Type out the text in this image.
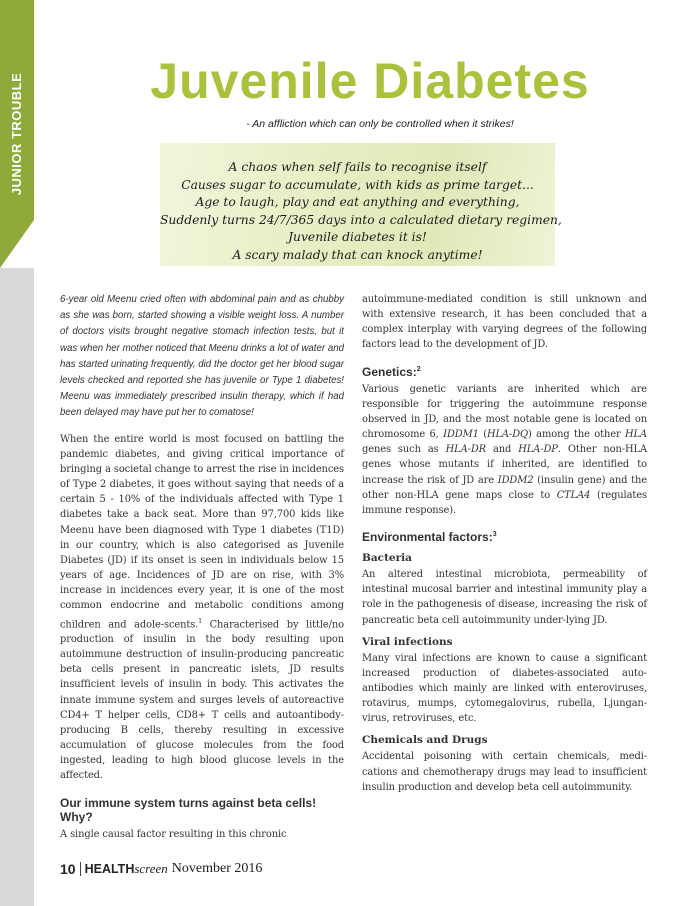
JUNIOR TROUBLE	Juvenile Diabetes
- An affliction which can only be controlled when it strikes!
A chaos when self fails to recognise itself
Causes sugar to accumulate, with kids as prime target...
Age to laugh, play and eat anything and everything,
Suddenly turns 24/7/365 days into a calculated dietary regimen,
Juvenile diabetes it is!
A scary malady that can knock anytime!

6-year old Meenu cried often with abdominal pain and as chubby as she was born, started showing a visible weight loss. A number of doctors visits brought negative stomach infection tests, but it was when her mother noticed that Meenu drinks a lot of water and has started urinating frequently, did the doctor get her blood sugar levels checked and reported she has juvenile or Type 1 diabetes! Meenu was immediately prescribed insulin therapy, which if had been delayed may have put her to comatose!

When the entire world is most focused on battling the pandemic diabetes, and giving critical importance of bringing a societal change to arrest the rise in incidences of Type 2 diabetes, it goes without saying that needs of a certain 5 - 10% of the individuals affected with Type 1 diabetes take a back seat. More than 97,700 kids like Meenu have been diagnosed with Type 1 diabetes (T1D) in our country, which is also categorised as Juvenile Diabetes (JD) if its onset is seen in individuals below 15 years of age. Incidences of JD are on rise, with 3% increase in incidences every year, it is one of the most common endocrine and metabolic conditions among children and adole-scents.$^1$ Characterised by little/no production of insulin in the body resulting upon autoimmune destruction of insulin-producing pancreatic beta cells present in pancreatic islets, JD results insufficient levels of insulin in body. This activates the innate immune system and surges levels of autoreactive CD4+ T helper cells, CD8+ T cells and autoantibody-producing B cells, thereby resulting in excessive accumulation of glucose molecules from the food ingested, leading to high blood glucose levels in the affected.

Our immune system turns against beta cells! Why?

A single causal factor resulting in this chronic

autoimmune-mediated condition is still unknown and with extensive research, it has been concluded that a complex interplay with varying degrees of the following factors lead to the development of JD.

Genetics:$^2$

Various genetic variants are inherited which are responsible for triggering the autoimmune response observed in JD, and the most notable gene is located on chromosome 6, IDDM1 (HLA-DQ) among the other HLA genes such as HLA-DR and HLA-DP. Other non-HLA genes whose mutants if inherited, are identified to increase the risk of JD are IDDM2 (insulin gene) and the other non-HLA gene maps close to CTLA4 (regulates immune response).

Environmental factors:$^3$
Bacteria

An altered intestinal microbiota, permeability of intestinal mucosal barrier and intestinal immunity play a role in the pathogenesis of disease, increasing the risk of pancreatic beta cell autoimmunity under-lying JD.

Viral infections

Many viral infections are known to cause a significant increased production of diabetes-associated auto-antibodies which mainly are linked with enteroviruses, rotavirus, mumps, cytomegalovirus, rubella, Ljungan-virus, retroviruses, etc.

Chemicals and Drugs

Accidental poisoning with certain chemicals, medi-cations and chemotherapy drugs may lead to insufficient insulin production and develop beta cell autoimmunity.

10 HEALTH screen November 2016
